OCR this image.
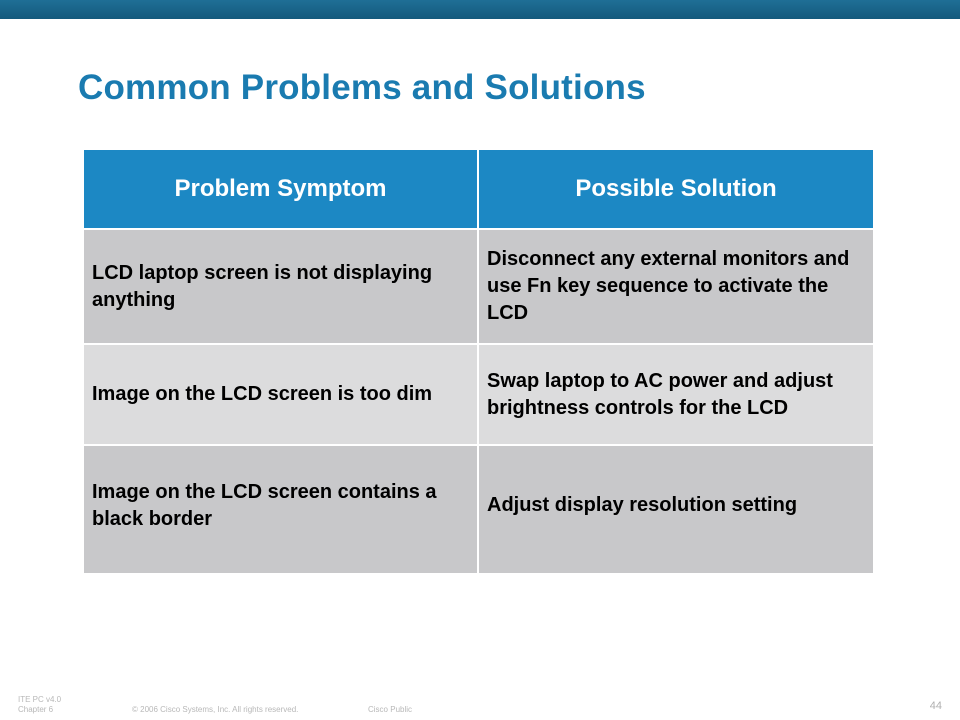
Common Problems and Solutions
Problem Symptom	Possible Solution
LCD laptop screen is not displaying anything	Disconnect any external monitors and use Fn key sequence to activate the LCD
Image on the LCD screen is too dim	Swap laptop to AC power and adjust brightness controls for the LCD
Image on the LCD screen contains a black border	Adjust display resolution setting
ITE PC v4.0
Chapter 6	© 2006 Cisco Systems, Inc. All rights reserved.	Cisco Public	44
